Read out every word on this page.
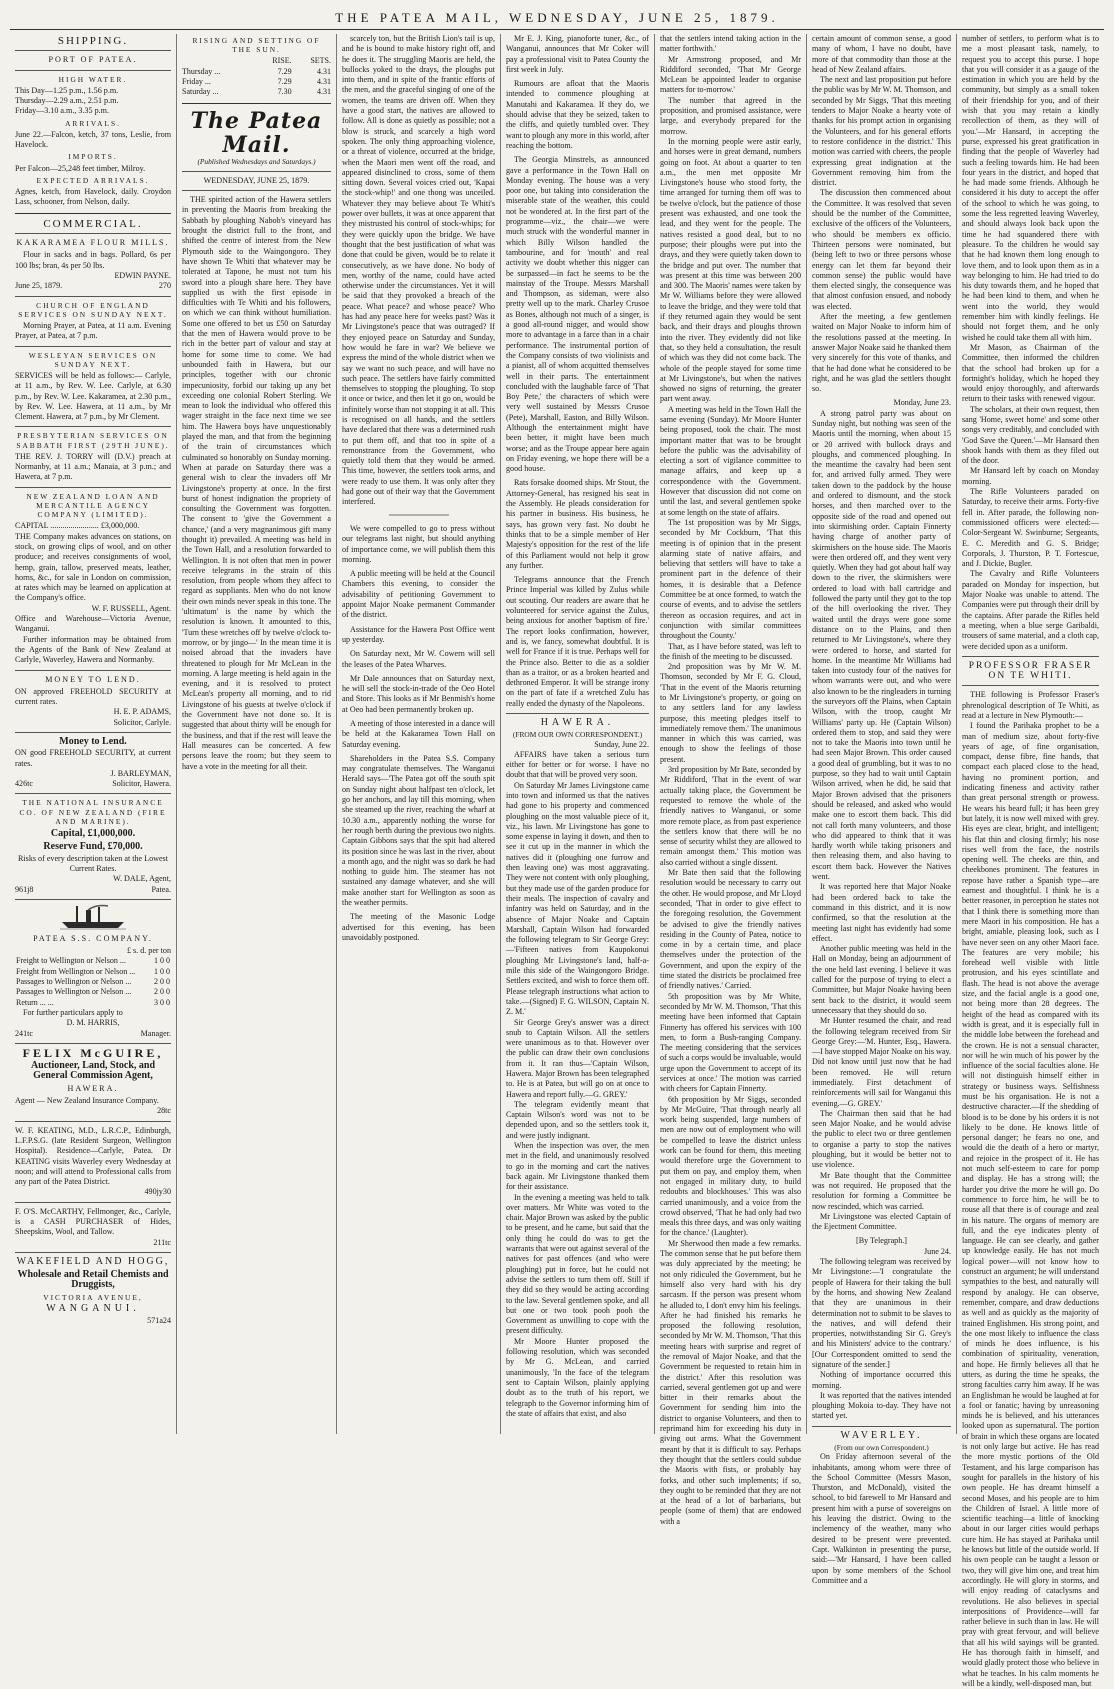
THE PATEA MAIL, WEDNESDAY, JUNE 25, 1879.
SHIPPING.
PORT OF PATEA.
HIGH WATER.
This Day—1.25 p.m., 1.56 p.m.
Thursday—2.29 a.m., 2.51 p.m.
Friday—3.10 a.m., 3.35 p.m.
ARRIVALS.

June 22.—Falcon, ketch, 37 tons, Leslie, from Havelock.

IMPORTS.

Per Falcon—25,248 feet timber, Milroy.

EXPECTED ARRIVALS.

Agnes, ketch, from Havelock, daily. Croydon Lass, schooner, from Nelson, daily.

COMMERCIAL.
KAKARAMEA FLOUR MILLS.

Flour in sacks and in bags. Pollard, 6s per 100 lbs; bran, 4s per 50 lbs.

EDWIN PAYNE.
June 25, 1879.	270
CHURCH OF ENGLAND SERVICES ON SUNDAY NEXT.

Morning Prayer, at Patea, at 11 a.m. Evening Prayer, at Patea, at 7 p.m.

WESLEYAN SERVICES ON SUNDAY NEXT.

SERVICES will be held as follows:— Carlyle, at 11 a.m., by Rev. W. Lee. Carlyle, at 6.30 p.m., by Rev. W. Lee. Kakaramea, at 2.30 p.m., by Rev. W. Lee. Hawera, at 11 a.m., by Mr Clement. Hawera, at 7 p.m., by Mr Clement.

PRESBYTERIAN SERVICES ON SABBATH FIRST (29TH JUNE).

THE REV. J. TORRY will (D.V.) preach at Normanby, at 11 a.m.; Manaia, at 3 p.m.; and Hawera, at 7 p.m.

NEW ZEALAND LOAN AND MERCANTILE AGENCY COMPANY (LIMITED).
CAPITAL ........................ £3,000,000.

THE Company makes advances on stations, on stock, on growing clips of wool, and on other produce; and receives consignments of wool, hemp, grain, tallow, preserved meats, leather, horns, &c., for sale in London on commission, at rates which may be learned on application at the Company's office.

W. F. RUSSELL, Agent.

Office and Warehouse—Victoria Avenue, Wanganui.

Further information may be obtained from the Agents of the Bank of New Zealand at Carlyle, Waverley, Hawera and Normanby.

MONEY TO LEND.

ON approved FREEHOLD SECURITY at current rates.

H. E. P. ADAMS,
Solicitor, Carlyle.
Money to Lend.

ON good FREEHOLD SECURITY, at current rates.

J. BARLEYMAN,
426tc	Solicitor, Hawera.
THE NATIONAL INSURANCE CO. OF NEW ZEALAND (FIRE AND MARINE).
Capital, £1,000,000.
Reserve Fund, £70,000.

Risks of every description taken at the Lowest Current Rates.

W. DALE, Agent,
961j8	Patea.
PATEA S.S. COMPANY.
£ s. d. per ton
Freight to Wellington or Nelson ...	1 0 0
Freight from Wellington or Nelson ...	1 0 0
Passages to Wellington or Nelson ...	2 0 0
Passages to Wellington or Nelson ...	2 0 0
Return ... ...	3 0 0

For further particulars apply to

D. M. HARRIS,
241tc	Manager.
FELIX McGUIRE,
Auctioneer, Land, Stock, and General Commission Agent,
HAWERA.

Agent — New Zealand Insurance Company.

28tc

W. F. KEATING, M.D., L.R.C.P., Edinburgh, L.F.P.S.G. (late Resident Surgeon, Wellington Hospital). Residence—Carlyle, Patea. Dr KEATING visits Waverley every Wednesday at noon; and will attend to Professional calls from any part of the Patea District.

490jy30

F. O'S. McCARTHY, Fellmonger, &c., Carlyle, is a CASH PURCHASER of Hides, Sheepskins, Wool, and Tallow.

211tc
WAKEFIELD AND HOGG,
Wholesale and Retail Chemists and Druggists,
VICTORIA AVENUE,
WANGANUI.
571a24
RISING AND SETTING OF THE SUN.
	RISE.	SETS.
Thursday ...	7.29	4.31
Friday ...	7.29	4.31
Saturday ...	7.30	4.31
The Patea Mail.
(Published Wednesdays and Saturdays.)
WEDNESDAY, JUNE 25, 1879.

THE spirited action of the Hawera settlers in preventing the Maoris from breaking the Sabbath by ploughing Nabob's vineyard has brought the district full to the front, and shifted the centre of interest from the New Plymouth side to the Waingongoro. They have shown Te Whiti that whatever may be tolerated at Tapone, he must not turn his sword into a plough share here. They have supplied us with the first episode in difficulties with Te Whiti and his followers, on which we can think without humiliation. Some one offered to bet us £50 on Saturday that the men of Hawera would prove to be rich in the better part of valour and stay at home for some time to come. We had unbounded faith in Hawera, but our principles, together with our chronic impecuniosity, forbid our taking up any bet exceeding one colonial Robert Sterling. We mean to look the individual who offered this wager straight in the face next time we see him. The Hawera boys have unquestionably played the man, and that from the beginning of the train of circumstances which culminated so honorably on Sunday morning. When at parade on Saturday there was a general wish to clear the invaders off Mr Livingstone's property at once. In the first burst of honest indignation the propriety of consulting the Government was forgotten. The consent to 'give the Government a chance,' (and a very magnanimous gift many thought it) prevailed. A meeting was held in the Town Hall, and a resolution forwarded to Wellington. It is not often that men in power receive telegrams in the strain of this resolution, from people whom they affect to regard as suppliants. Men who do not know their own minds never speak in this tone. The 'ultimatum' is the name by which the resolution is known. It amounted to this, 'Turn these wretches off by twelve o'clock to-morrow, or by jingo—' In the mean time it is noised abroad that the invaders have threatened to plough for Mr McLean in the morning. A large meeting is held again in the evening, and it is resolved to protect McLean's property all morning, and to rid Livingstone of his guests at twelve o'clock if the Government have not done so. It is suggested that about thirty will be enough for the business, and that if the rest will leave the Hall measures can be concerted. A few persons leave the room; but they seem to have a vote in the meeting for all their.

scarcely ton, but the British Lion's tail is up, and he is bound to make history right off, and he does it. The struggling Maoris are held, the bullocks yoked to the drays, the ploughs put into them, and in spite of the frantic efforts of the men, and the graceful singing of one of the women, the teams are driven off. When they have a good start, the natives are allowed to follow. All is done as quietly as possible; not a blow is struck, and scarcely a high word spoken. The only thing approaching violence, or a threat of violence, occurred at the bridge, when the Maori men went off the road, and appeared disinclined to cross, some of them sitting down. Several voices cried out, 'Kapai the stock-whip!' and one thong was unceiled. Whatever they may believe about Te Whiti's power over bullets, it was at once apparent that they mistrusted his control of stock-whips; for they were quickly upon the bridge. We have thought that the best justification of what was done that could be given, would be to relate it consecutively, as we have done. No body of men, worthy of the name, could have acted otherwise under the circumstances. Yet it will be said that they provoked a breach of the peace. What peace? and whose peace? Who has had any peace here for weeks past? Was it Mr Livingstone's peace that was outraged? If they enjoyed peace on Saturday and Sunday, how would he fare in war? We believe we express the mind of the whole district when we say we want no such peace, and will have no such peace. The settlers have fairly committed themselves to stopping the ploughing. To stop it once or twice, and then let it go on, would be infinitely worse than not stopping it at all. This is recognised on all hands, and the settlers have declared that there was a determined rush to put them off, and that too in spite of a remonstrance from the Government, who quietly told them that they would be armed. This time, however, the settlers took arms, and were ready to use them. It was only after they had gone out of their way that the Government interfered.

We were compelled to go to press without our telegrams last night, but should anything of importance come, we will publish them this morning.

A public meeting will be held at the Council Chambers this evening, to consider the advisability of petitioning Government to appoint Major Noake permanent Commander of the district.

Assistance for the Hawera Post Office went up yesterday.

On Saturday next, Mr W. Cowern will sell the leases of the Patea Wharves.

Mr Dale announces that on Saturday next, he will sell the stock-in-trade of the Oeo Hotel and Store. This looks as if Mr Benmish's home at Oeo had been permanently broken up.

A meeting of those interested in a dance will be held at the Kakaramea Town Hall on Saturday evening.

Shareholders in the Patea S.S. Company may congratulate themselves. The Wanganui Herald says—'The Patea got off the south spit on Sunday night about halfpast ten o'clock, let go her anchors, and lay till this morning, when she steamed up the river, reaching the wharf at 10.30 a.m., apparently nothing the worse for her rough berth during the previous two nights. Captain Gibbons says that the spit had altered its position since he was last in the river, about a month ago, and the night was so dark he had nothing to guide him. The steamer has not sustained any damage whatever, and she will make another start for Wellington as soon as the weather permits.

The meeting of the Masonic Lodge advertised for this evening, has been unavoidably postponed.

Mr E. J. King, pianoforte tuner, &c., of Wanganui, announces that Mr Coker will pay a professional visit to Patea County the first week in July.

Rumours are afloat that the Maoris intended to commence ploughing at Manutahi and Kakaramea. If they do, we should advise that they be seized, taken to the cliffs, and quietly tumbled over. They want to plough any more in this world, after reaching the bottom.

The Georgia Minstrels, as announced gave a performance in the Town Hall on Monday evening. The house was a very poor one, but taking into consideration the miserable state of the weather, this could not be wondered at. In the first part of the programme—viz., the chair—we were much struck with the wonderful manner in which Billy Wilson handled the tambourine, and for 'mouth' and real activity we doubt whether this nigger can be surpassed—in fact he seems to be the mainstay of the Troupe. Messrs Marshall and Thompson, as sideman, were also pretty well up to the mark. Charley Crusoe as Bones, although not much of a singer, is a good all-round nigger, and would show more to advantage in a farce than in a chair performance. The instrumental portion of the Company consists of two violinists and a pianist, all of whom acquitted themselves well in their parts. The entertainment concluded with the laughable farce of 'That Boy Pete,' the characters of which were very well sustained by Messrs Crusoe (Pete), Marshall, Easton, and Billy Wilson. Although the entertainment might have been better, it might have been much worse; and as the Troupe appear here again on Friday evening, we hope there will be a good house.

Rats forsake doomed ships. Mr Stout, the Attorney-General, has resigned his seat in the Assembly. He pleads consideration for his partner in business. His business, he says, has grown very fast. No doubt he thinks that to be a simple member of Her Majesty's opposition for the rest of the life of this Parliament would not help it grow any further.

Telegrams announce that the French Prince Imperial was killed by Zulus while out scouting. Our readers are aware that he volunteered for service against the Zulus, being anxious for another 'baptism of fire.' The report looks confirmation, however, and is, we fancy, somewhat doubtful. It is well for France if it is true. Perhaps well for the Prince also. Better to die as a soldier than as a traitor, or as a broken hearted and dethroned Emperor. It will be strange irony on the part of fate if a wretched Zulu has really ended the dynasty of the Napoleons.

HAWERA.
(FROM OUR OWN CORRESPONDENT.)
Sunday, June 22.

AFFAIRS have taken a serious turn either for better or for worse. I have no doubt that that will be proved very soon.

On Saturday Mr James Livingstone came into town and informed us that the natives had gone to his property and commenced ploughing on the most valuable piece of it, viz., his lawn. Mr Livingstone has gone to some expense in laying it down, and then to see it cut up in the manner in which the natives did it (ploughing one furrow and then leaving one) was most aggravating. They were not content with only ploughing, but they made use of the garden produce for their meals. The inspection of cavalry and infantry was held on Saturday, and in the absence of Major Noake and Captain Marshall, Captain Wilson had forwarded the following telegram to Sir George Grey:—'Fifteen natives from Kaupokonui ploughing Mr Livingstone's land, half-a-mile this side of the Waingongoro Bridge. Settlers excited, and wish to force them off. Please telegraph instructions what action to take.—(Signed) F. G. WILSON, Captain N. Z. M.'

Sir George Grey's answer was a direct snub to Captain Wilson. All the settlers were unanimous as to that. However over the public can draw their own conclusions from it. It ran thus—'Captain Wilson, Hawera. Major Brown has been telegraphed to. He is at Patea, but will go on at once to Hawera and report fully.—G. GREY.'

The telegram evidently meant that Captain Wilson's word was not to be depended upon, and so the settlers took it, and were justly indignant.

When the inspection was over, the men met in the field, and unanimously resolved to go in the morning and cart the natives back again. Mr Livingstone thanked them for their assistance.

In the evening a meeting was held to talk over matters. Mr White was voted to the chair. Major Brown was asked by the public to be present, and he came, but said that the only thing he could do was to get the warrants that were out against several of the natives for past offences (and who were ploughing) put in force, but he could not advise the settlers to turn them off. Still if they did so they would be acting according to the law. Several gentlemen spoke, and all but one or two took pooh pooh the Government as unwilling to cope with the present difficulty.

Mr Moore Hunter proposed the following resolution, which was seconded by Mr G. McLean, and carried unanimously, 'In the face of the telegram sent to Captain Wilson, plainly applying doubt as to the truth of his report, we telegraph to the Governor informing him of the state of affairs that exist, and also

that the settlers intend taking action in the matter forthwith.'

Mr Armstrong proposed, and Mr Riddiford seconded, 'That Mr George McLean be appointed leader to organise matters for to-morrow.'

The number that agreed in the proposition, and promised assistance, were large, and everybody prepared for the morrow.

In the morning people were astir early, and horses were in great demand, numbers going on foot. At about a quarter to ten a.m., the men met opposite Mr Livingstone's house who stood forty, the time arranged for turning them off was to be twelve o'clock, but the patience of those present was exhausted, and one took the lead, and they went for the people. The natives resisted a good deal, but to no purpose; their ploughs were put into the drays, and they were quietly taken down to the bridge and put over. The number that was present at this time was between 200 and 300. The Maoris' names were taken by Mr W. Williams before they were allowed to leave the bridge, and they were told that if they returned again they would be sent back, and their drays and ploughs thrown into the river. They evidently did not like that, so they held a consultation, the result of which was they did not come back. The whole of the people stayed for some time at Mr Livingstone's, but when the natives showed no signs of returning, the greater part went away.

A meeting was held in the Town Hall the same evening (Sunday). Mr Moore Hunter being proposed, took the chair. The most important matter that was to be brought before the public was the advisability of electing a sort of vigilance committee to manage affairs, and keep up a correspondence with the Government. However that discussion did not come on until the last, and several gentlemen spoke at some length on the state of affairs.

The 1st proposition was by Mr Siggs, seconded by Mr Cockburn, 'That this meeting is of opinion that in the present alarming state of native affairs, and believing that settlers will have to take a prominent part in the defence of their homes, it is desirable that a Defence Committee be at once formed, to watch the course of events, and to advise the settlers thereon as occasion requires, and act in conjunction with similar committees throughout the County.'

That, as I have before stated, was left to the finish of the meeting to be discussed.

2nd proposition was by Mr W. M. Thomson, seconded by Mr F. G. Cloud, 'That in the event of the Maoris returning to Mr Livingstone's property, or going on to any settlers land for any lawless purpose, this meeting pledges itself to immediately remove them.' The unanimous manner in which this was carried, was enough to show the feelings of those present.

3rd proposition by Mr Bate, seconded by Mr Riddiford, 'That in the event of war actually taking place, the Government be requested to remove the whole of the friendly natives to Wanganui, or some more remote place, as from past experience the settlers know that there will be no sense of security whilst they are allowed to remain amongst them.' This motion was also carried without a single dissent.

Mr Bate then said that the following resolution would be necessary to carry out the other. He would propose, and Mr Lloyd seconded, 'That in order to give effect to the foregoing resolution, the Government be advised to give the friendly natives residing in the County of Patea, notice to come in by a certain time, and place themselves under the protection of the Government, and upon the expiry of the time stated the districts be proclaimed free of friendly natives.' Carried.

5th proposition was by Mr White, seconded by Mr W. M. Thomson, 'That this meeting have been informed that Captain Finnerty has offered his services with 100 men, to form a Bush-ranging Company. The meeting considering that the services of such a corps would be invaluable, would urge upon the Government to accept of its services at once.' The motion was carried with cheers for Captain Finnerty.

6th proposition by Mr Siggs, seconded by Mr McGuire, 'That through nearly all work being suspended, large numbers of men are now out of employment who will be compelled to leave the district unless work can be found for them, this meeting would therefore urge the Government to put them on pay, and employ them, when not engaged in military duty, to build redoubts and blockhouses.' This was also carried unanimously, and a voice from the crowd observed, 'That he had only had two meals this three days, and was only waiting for the chance.' (Laughter).

Mr Sherwood then made a few remarks. The common sense that he put before them was duly appreciated by the meeting; he not only ridiculed the Government, but he himself also very hard with his dry sarcasm. If the person was present whom he alluded to, I don't envy him his feelings. After he had finished his remarks he proposed the following resolution, seconded by Mr W. M. Thomson, 'That this meeting hears with surprise and regret of the removal of Major Noake, and that the Government be requested to retain him in the district.' After this resolution was carried, several gentlemen got up and were bitter in their remarks about the Government for sending him into the district to organise Volunteers, and then to reprimand him for exceeding his duty in giving out arms. What the Government meant by that it is difficult to say. Perhaps they thought that the settlers could subdue the Maoris with fists, or probably hay forks, and other such implements; if so, they ought to be reminded that they are not at the head of a lot of barbarians, but people (some of them) that are endowed with a

certain amount of common sense, a good many of whom, I have no doubt, have more of that commodity than those at the head of New Zealand affairs.

The next and last proposition put before the public was by Mr W. M. Thomson, and seconded by Mr Siggs, 'That this meeting tenders to Major Noake a hearty vote of thanks for his prompt action in organising the Volunteers, and for his general efforts to restore confidence in the district.' This motion was carried with cheers, the people expressing great indignation at the Government removing him from the district.

The discussion then commenced about the Committee. It was resolved that seven should be the number of the Committee, exclusive of the officers of the Volunteers, who should be members ex officio. Thirteen persons were nominated, but (being left to two or three persons whose energy can let them far beyond their common sense) the public would have them elected singly, the consequence was that almost confusion ensued, and nobody was elected.

After the meeting, a few gentlemen waited on Major Noake to inform him of the resolutions passed at the meeting. In answer Major Noake said he thanked them very sincerely for this vote of thanks, and that he had done what he considered to be right, and he was glad the settlers thought so.

Monday, June 23.

A strong patrol party was about on Sunday night, but nothing was seen of the Maoris until the morning, when about 15 or 20 arrived with bullock drays and ploughs, and commenced ploughing. In the meantime the cavalry had been sent for, and arrived fully armed. They were taken down to the paddock by the house and ordered to dismount, and the stock horses, and then marched over to the opposite side of the road and opened out into skirmishing order. Captain Finnerty having charge of another party of skirmishers on the house side. The Maoris were then ordered off, and they went very quietly. When they had got about half way down to the river, the skirmishers were ordered to load with ball cartridge and followed the party until they got to the top of the hill overlooking the river. They waited until the drays were gone some distance on to the Plains, and then returned to Mr Livingstone's, where they were ordered to horse, and started for home. In the meantime Mr Williams had taken into custody four of the natives for whom warrants were out, and who were also known to be the ringleaders in turning the surveyors off the Plains, when Captain Wilson, with the troop, caught Mr Williams' party up. He (Captain Wilson) ordered them to stop, and said they were not to take the Maoris into town until he had seen Major Brown. This order caused a good deal of grumbling, but it was to no purpose, so they had to wait until Captain Wilson arrived, when he did, he said that Major Brown advised that the prisoners should be released, and asked who would make one to escort them back. This did not call forth many volunteers, and those who did appeared to think that it was hardly worth while taking prisoners and then releasing them, and also having to escort them back. However the Natives went.

It was reported here that Major Noake had been ordered back to take the command in this district, and it is now confirmed, so that the resolution at the meeting last night has evidently had some effect.

Another public meeting was held in the Hall on Monday, being an adjournment of the one held last evening. I believe it was called for the purpose of trying to elect a Committee, but Major Noake having been sent back to the district, it would seem unnecessary that they should do so.

Mr Hunter resumed the chair, and read the following telegram received from Sir George Grey:—'M. Hunter, Esq., Hawera.—I have stopped Major Noake on his way. Did not know until just now that he had been removed. He will return immediately. First detachment of reinforcements will sail for Wanganui this evening.—G. GREY.'

The Chairman then said that he had seen Major Noake, and he would advise the public to elect two or three gentlemen to organise a party to stop the natives ploughing, but it would be better not to use violence.

Mr Bate thought that the Committee was not required. He proposed that the resolution for forming a Committee be now rescinded, which was carried.

Mr Livingstone was elected Captain of the Ejectment Committee.

[By Telegraph.]
June 24.

The following telegram was received by Mr Livingstone:—'I congratulate the people of Hawera for their taking the bull by the horns, and showing New Zealand that they are unanimous in their determination not to submit to be slaves to the natives, and will defend their properties, notwithstanding Sir G. Grey's and his Ministers' advice to the contrary.' [Our Correspondent omitted to send the signature of the sender.]

Nothing of importance occurred this morning.

It was reported that the natives intended ploughing Mokoia to-day. They have not started yet.

WAVERLEY.
(From our own Correspondent.)

On Friday afternoon several of the inhabitants, among whom were three of the School Committee (Messrs Mason, Thurston, and McDonald), visited the school, to bid farewell to Mr Hansard and present him with a purse of sovereigns on his leaving the district. Owing to the inclemency of the weather, many who desired to be present were prevented. Capt. Walkinton in presenting the purse, said:—'Mr Hansard, I have been called upon by some members of the School Committee and a

number of settlers, to perform what is to me a most pleasant task, namely, to request you to accept this purse. I hope that you will consider it as a gauge of the estimation in which you are held by the community, but simply as a small token of their friendship for you, and of their wish that you may retain a kindly recollection of them, as they will of you.'—Mr Hansard, in accepting the purse, expressed his great gratification in finding that the people of Waverley had such a feeling towards him. He had been four years in the district, and hoped that he had made some friends. Although he considered it his duty to accept the offer of the school to which he was going, to some the less regretted leaving Waverley, and should always look back upon the time he had squandered there with pleasure. To the children he would say that he had known them long enough to love them, and to look upon them as in a way belonging to him. He had tried to do his duty towards them, and he hoped that he had been kind to them, and when he went into the world, they would remember him with kindly feelings. He should not forget them, and he only wished he could take them all with him.

Mr Mason, as Chairman of the Committee, then informed the children that the school had broken up for a fortnight's holiday, which he hoped they would enjoy thoroughly, and afterwards return to their tasks with renewed vigour.

The scholars, at their own request, then sang 'Home, sweet home' and some other songs very creditably, and concluded with 'God Save the Queen.'—Mr Hansard then shook hands with them as they filed out of the door.

Mr Hansard left by coach on Monday morning.

The Rifle Volunteers paraded on Saturday, to receive their arms. Forty-five fell in. After parade, the following non-commissioned officers were elected:—Color-Sergeant W. Swinburne; Sergeants, E. C. Meredith and G. S. Bridge; Corporals, J. Thurston, P. T. Fortescue, and J. Dickie, Bugler.

The Cavalry and Rifle Volunteers paraded on Monday for inspection, but Major Noake was unable to attend. The Companies were put through their drill by the captains. After parade the Rifles held a meeting, when a blue serge Garibaldi, trousers of same material, and a cloth cap, were decided upon as a uniform.

PROFESSOR FRASER ON TE WHITI.

THE following is Professor Fraser's phrenological description of Te Whiti, as read at a lecture in New Plymouth:—

I found the Parihaka prophet to be a man of medium size, about forty-five years of age, of fine organisation, compact, dense fibre, fine hands, that compact each placed close to the head, having no prominent portion, and indicating fineness and activity rather than great personal strength or prowess. He wears his beard full; it has been grey but lately, it is now well mixed with grey. His eyes are clear, bright, and intelligent; his flat thin and closing firmly; his nose rises well from the face, the nostrils opening well. The cheeks are thin, and cheekbones prominent. The features in repose have rather a Spanish type—are earnest and thoughtful. I think he is a better reasoner, in perception he states not that I think there is something more than mere Maori in his composition. He has a bright, amiable, pleasing look, such as I have never seen on any other Maori face. The features are very mobile; his forehead well visible with little protrusion, and his eyes scintillate and flash. The head is not above the average size, and the facial angle is a good one, not being more than 28 degrees. The height of the head as compared with its width is great, and it is especially full in the middle lobe between the forehead and the crown. He is not a sensual character, nor will he win much of his power by the influence of the social faculties alone. He will not distinguish himself either in strategy or business ways. Selfishness must be his organisation. He is not a destructive character.—If the shedding of blood is to be done by his orders it is not likely to be done. He knows little of personal danger; he fears no one, and would die the death of a hero or martyr, and rejoice in the prospect of it. He has not much self-esteem to care for pomp and display. He has a strong will; the harder you drive the more he will go. Do commence to force him, he will be to rouse all that there is of courage and zeal in his nature. The organs of memory are full, and the eye indicates plenty of language. He can see clearly, and gather up knowledge easily. He has not much logical power—will not know how to construct an argument; he will understand sympathies to the best, and naturally will respond by analogy. He can observe, remember, compare, and draw deductions as well and as quickly as the majority of trained Englishmen. His strong point, and the one most likely to influence the class of minds he does influence, is his combination of spirituality, veneration, and hope. He firmly believes all that he utters, as during the time he speaks, the strong faculties carry him away. If he was an Englishman he would be laughed at for a fool or fanatic; having by unreasoning minds he is believed, and his utterances looked upon as supernatural. The portion of brain in which these organs are located is not only large but active. He has read the more mystic portions of the Old Testament, and his large comparison has sought for parallels in the history of his own people. He has dreamt himself a second Moses, and his people are to him the Children of Israel. A little more of scientific teaching—a little of knocking about in our larger cities would perhaps cure him. He has stayed at Parihaka until he knows but little of the outside world. If his own people can be taught a lesson or two, they will give him one, and treat him accordingly. He will glory in storms, and will enjoy reading of cataclysms and revolutions. He also believes in special interpositions of Providence—will far rather believe in such than in law. He will pray with great fervour, and will believe that all his wild sayings will be granted. He has thorough faith in himself, and would gladly protect those who believe in what he teaches. In his calm moments he will be a kindly, well-disposed man, but
